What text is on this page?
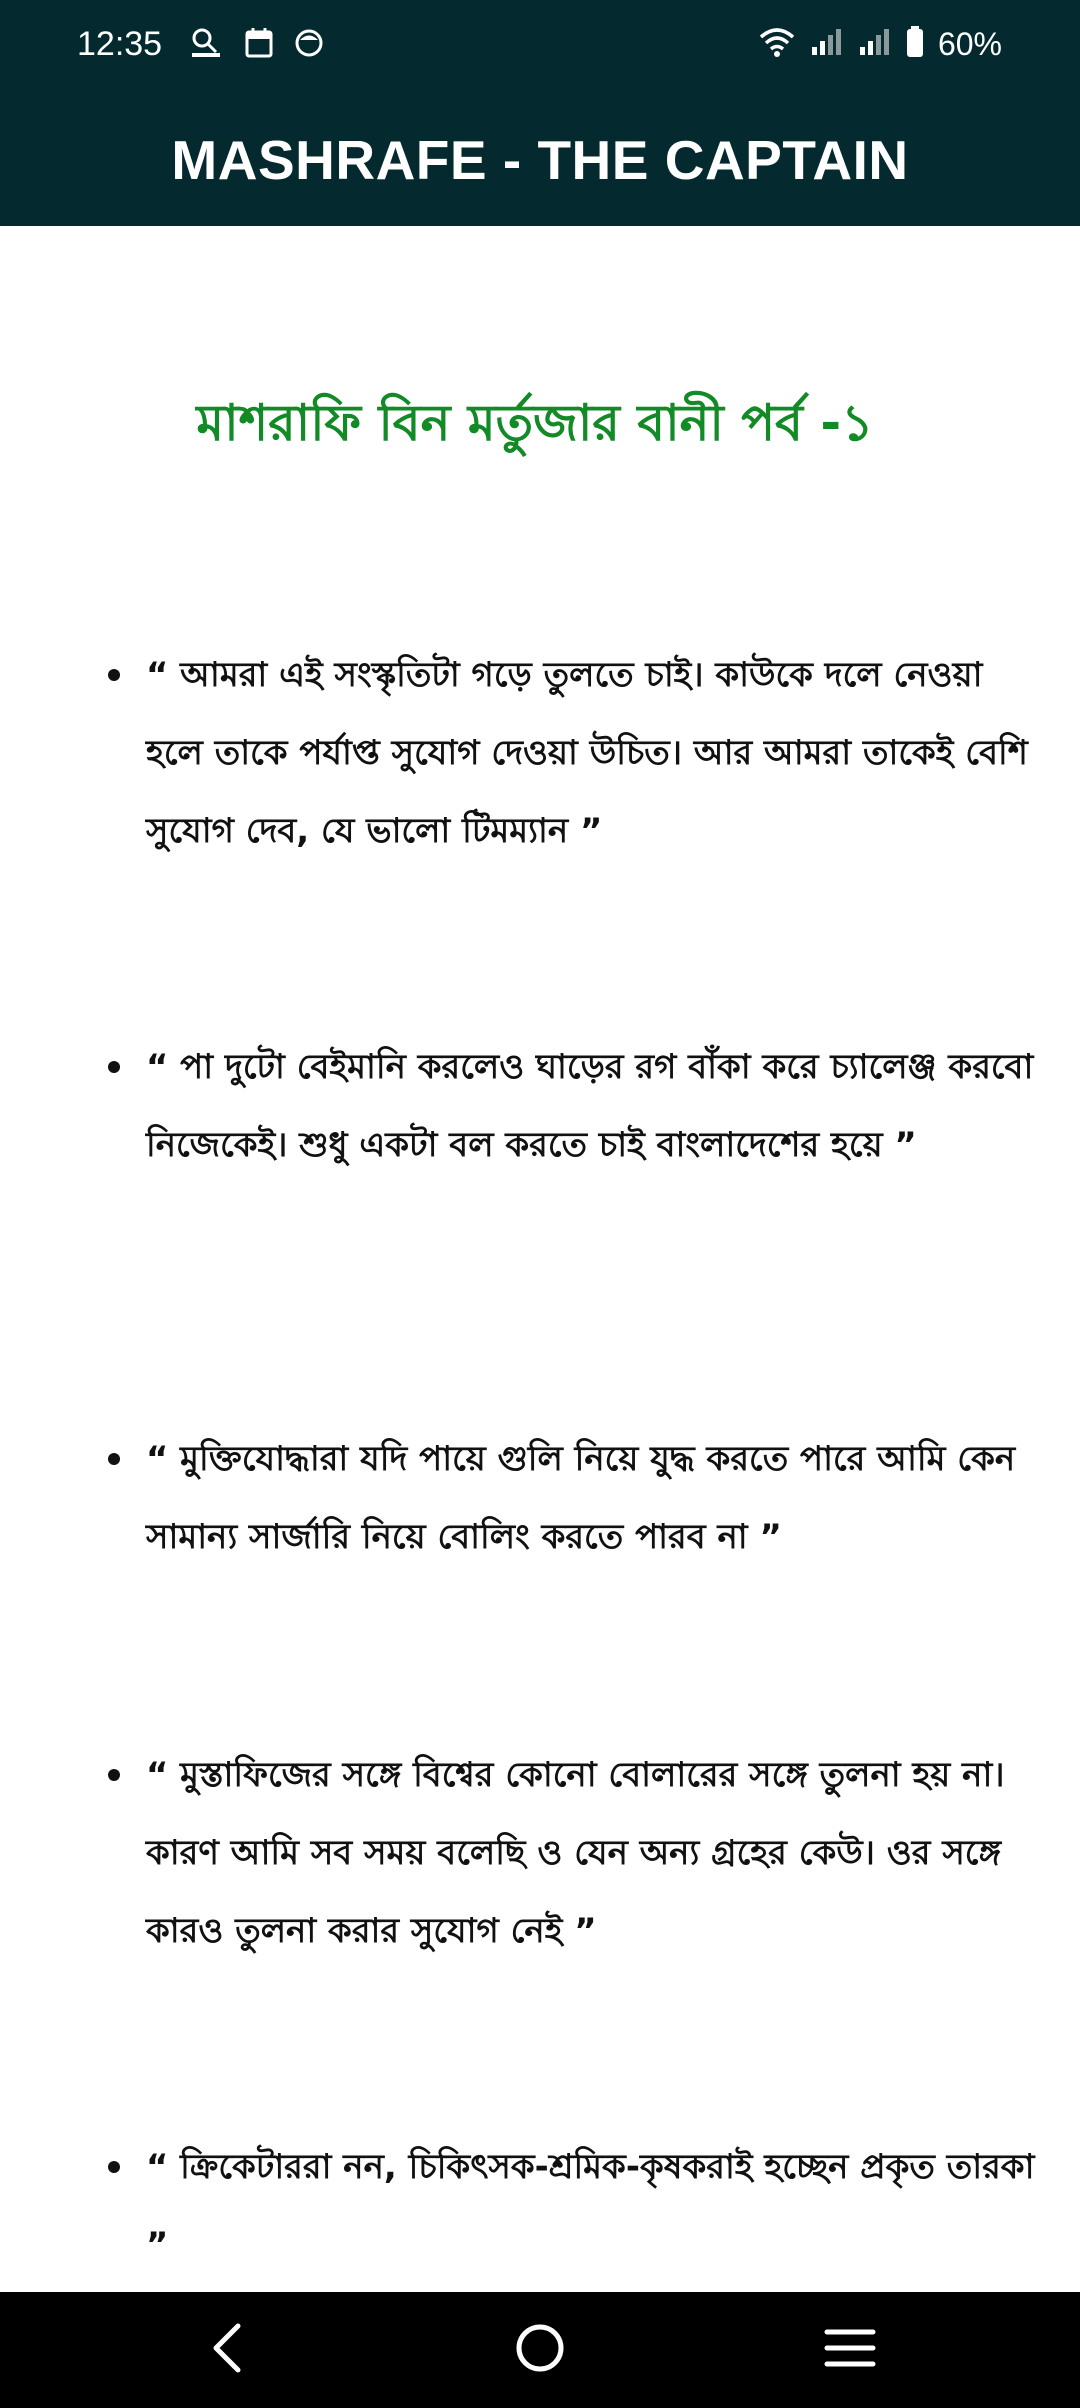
12:35	60%
MASHRAFE - THE CAPTAIN
মাশরাফি বিন মর্তুজার বানী পর্ব -১
“ আমরা এই সংস্কৃতিটা গড়ে তুলতে চাই। কাউকে দলে নেওয়া হলে তাকে পর্যাপ্ত সুযোগ দেওয়া উচিত। আর আমরা তাকেই বেশি সুযোগ দেব, যে ভালো টিমম্যান ”
“ পা দুটো বেইমানি করলেও ঘাড়ের রগ বাঁকা করে চ্যালেঞ্জ করবো নিজেকেই। শুধু একটা বল করতে চাই বাংলাদেশের হয়ে ”
“ মুক্তিযোদ্ধারা যদি পায়ে গুলি নিয়ে যুদ্ধ করতে পারে আমি কেন সামান্য সার্জারি নিয়ে বোলিং করতে পারব না ”
“ মুস্তাফিজের সঙ্গে বিশ্বের কোনো বোলারের সঙ্গে তুলনা হয় না। কারণ আমি সব সময় বলেছি ও যেন অন্য গ্রহের কেউ। ওর সঙ্গে কারও তুলনা করার সুযোগ নেই ”
“ ক্রিকেটাররা নন, চিকিৎসক-শ্রমিক-কৃষকরাই হচ্ছেন প্রকৃত তারকা ”
